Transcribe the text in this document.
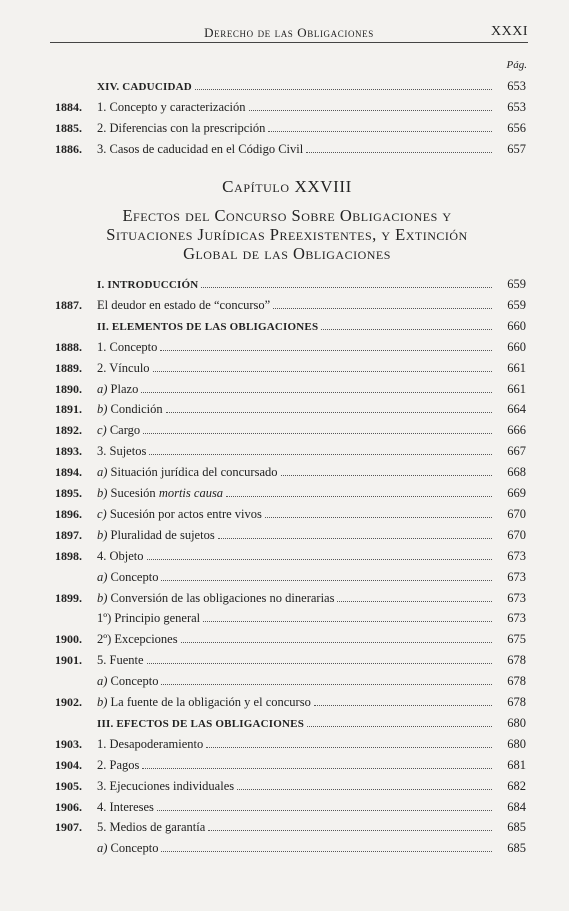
Derecho de las Obligaciones	XXXI
Pág.
XIV. CADUCIDAD	653
1884. 1. Concepto y caracterización	653
1885. 2. Diferencias con la prescripción	656
1886. 3. Casos de caducidad en el Código Civil	657
Capítulo XXVIII
Efectos del Concurso Sobre Obligaciones y
Situaciones Jurídicas Preexistentes, y Extinción
Global de las Obligaciones
I. INTRODUCCIÓN	659
1887. El deudor en estado de “concurso”	659
II. ELEMENTOS DE LAS OBLIGACIONES	660
1888. 1. Concepto	660
1889. 2. Vínculo	661
1890. a) Plazo	661
1891. b) Condición	664
1892. c) Cargo	666
1893. 3. Sujetos	667
1894. a) Situación jurídica del concursado	668
1895. b) Sucesión mortis causa	669
1896. c) Sucesión por actos entre vivos	670
1897. b) Pluralidad de sujetos	670
1898. 4. Objeto	673
a) Concepto	673
1899. b) Conversión de las obligaciones no dinerarias	673
1º) Principio general	673
1900. 2º) Excepciones	675
1901. 5. Fuente	678
a) Concepto	678
1902. b) La fuente de la obligación y el concurso	678
III. EFECTOS DE LAS OBLIGACIONES	680
1903. 1. Desapoderamiento	680
1904. 2. Pagos	681
1905. 3. Ejecuciones individuales	682
1906. 4. Intereses	684
1907. 5. Medios de garantía	685
a) Concepto	685
